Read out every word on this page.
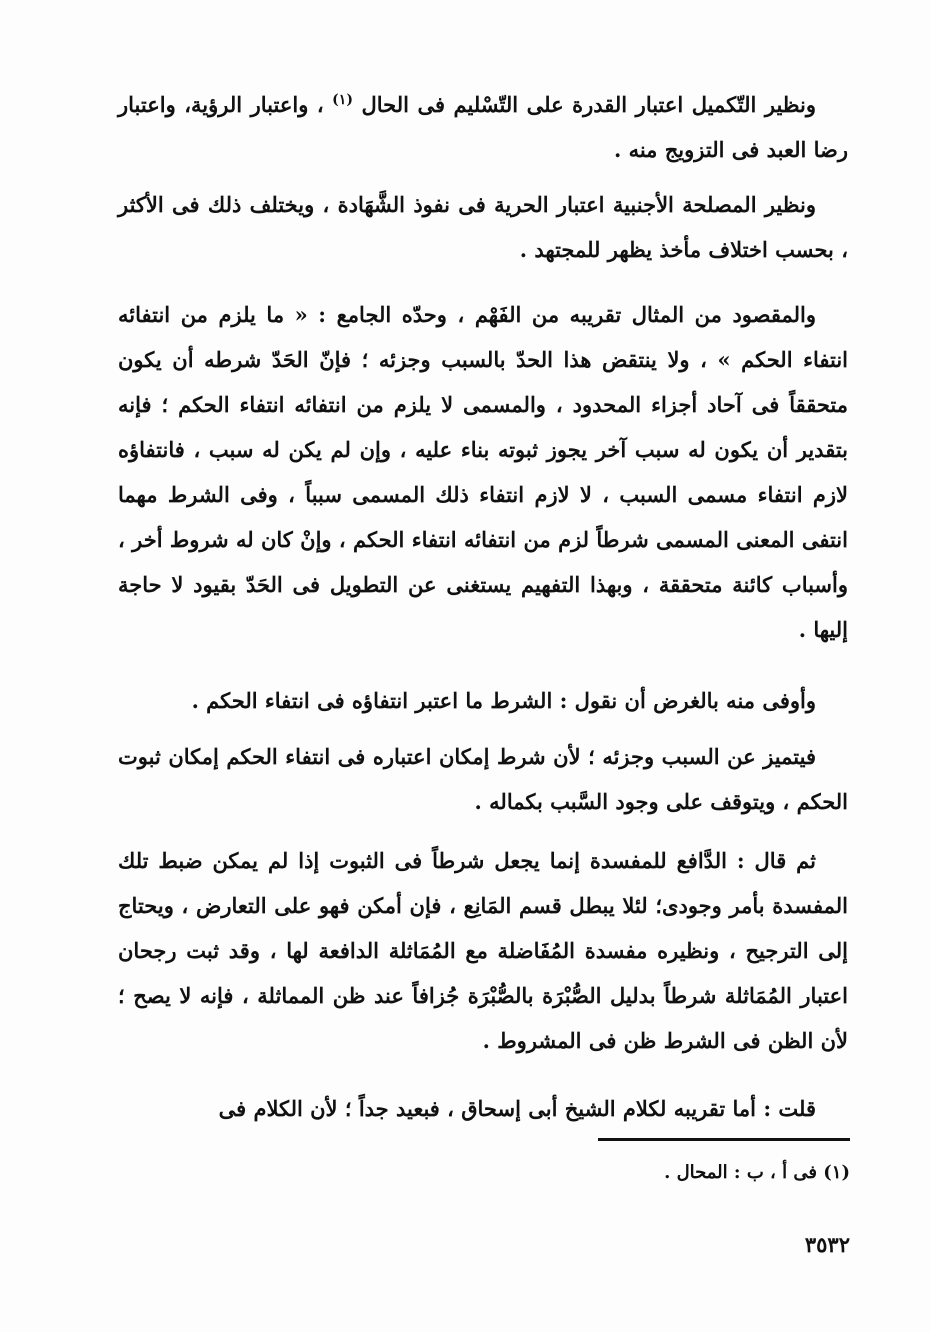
ونظير التّكميل اعتبار القدرة على التّسْليم فى الحال $^{(١)}$ ، واعتبار الرؤية، واعتبار رضا العبد فى التزويج منه .

ونظير المصلحة الأجنبية اعتبار الحرية فى نفوذ الشَّهَادة ، ويختلف ذلك فى الأكثر ، بحسب اختلاف مأخذ يظهر للمجتهد .

والمقصود من المثال تقريبه من الفَهْم ، وحدّه الجامع : « ما يلزم من انتفائه انتفاء الحكم » ، ولا ينتقض هذا الحدّ بالسبب وجزئه ؛ فإنّ الحَدّ شرطه أن يكون متحققاً فى آحاد أجزاء المحدود ، والمسمى لا يلزم من انتفائه انتفاء الحكم ؛ فإنه بتقدير أن يكون له سبب آخر يجوز ثبوته بناء عليه ، وإن لم يكن له سبب ، فانتفاؤه لازم انتفاء مسمى السبب ، لا لازم انتفاء ذلك المسمى سبباً ، وفى الشرط مهما انتفى المعنى المسمى شرطاً لزم من انتفائه انتفاء الحكم ، وإنْ كان له شروط أخر ، وأسباب كائنة متحققة ، وبهذا التفهيم يستغنى عن التطويل فى الحَدّ بقيود لا حاجة إليها .

وأوفى منه بالغرض أن نقول : الشرط ما اعتبر انتفاؤه فى انتفاء الحكم .

فيتميز عن السبب وجزئه ؛ لأن شرط إمكان اعتباره فى انتفاء الحكم إمكان ثبوت الحكم ، ويتوقف على وجود السَّبب بكماله .

ثم قال : الدَّافع للمفسدة إنما يجعل شرطاً فى الثبوت إذا لم يمكن ضبط تلك المفسدة بأمر وجودى؛ لئلا يبطل قسم المَانِع ، فإن أمكن فهو على التعارض ، ويحتاج إلى الترجيح ، ونظيره مفسدة المُفَاضلة مع المُمَاثلة الدافعة لها ، وقد ثبت رجحان اعتبار المُمَاثلة شرطاً بدليل الصُّبْرَة بالصُّبْرَة جُزافاً عند ظن المماثلة ، فإنه لا يصح ؛ لأن الظن فى الشرط ظن فى المشروط .

قلت : أما تقريبه لكلام الشيخ أبى إسحاق ، فبعيد جداً ؛ لأن الكلام فى

(١) فى أ ، ب : المحال .
٣٥٣٢
